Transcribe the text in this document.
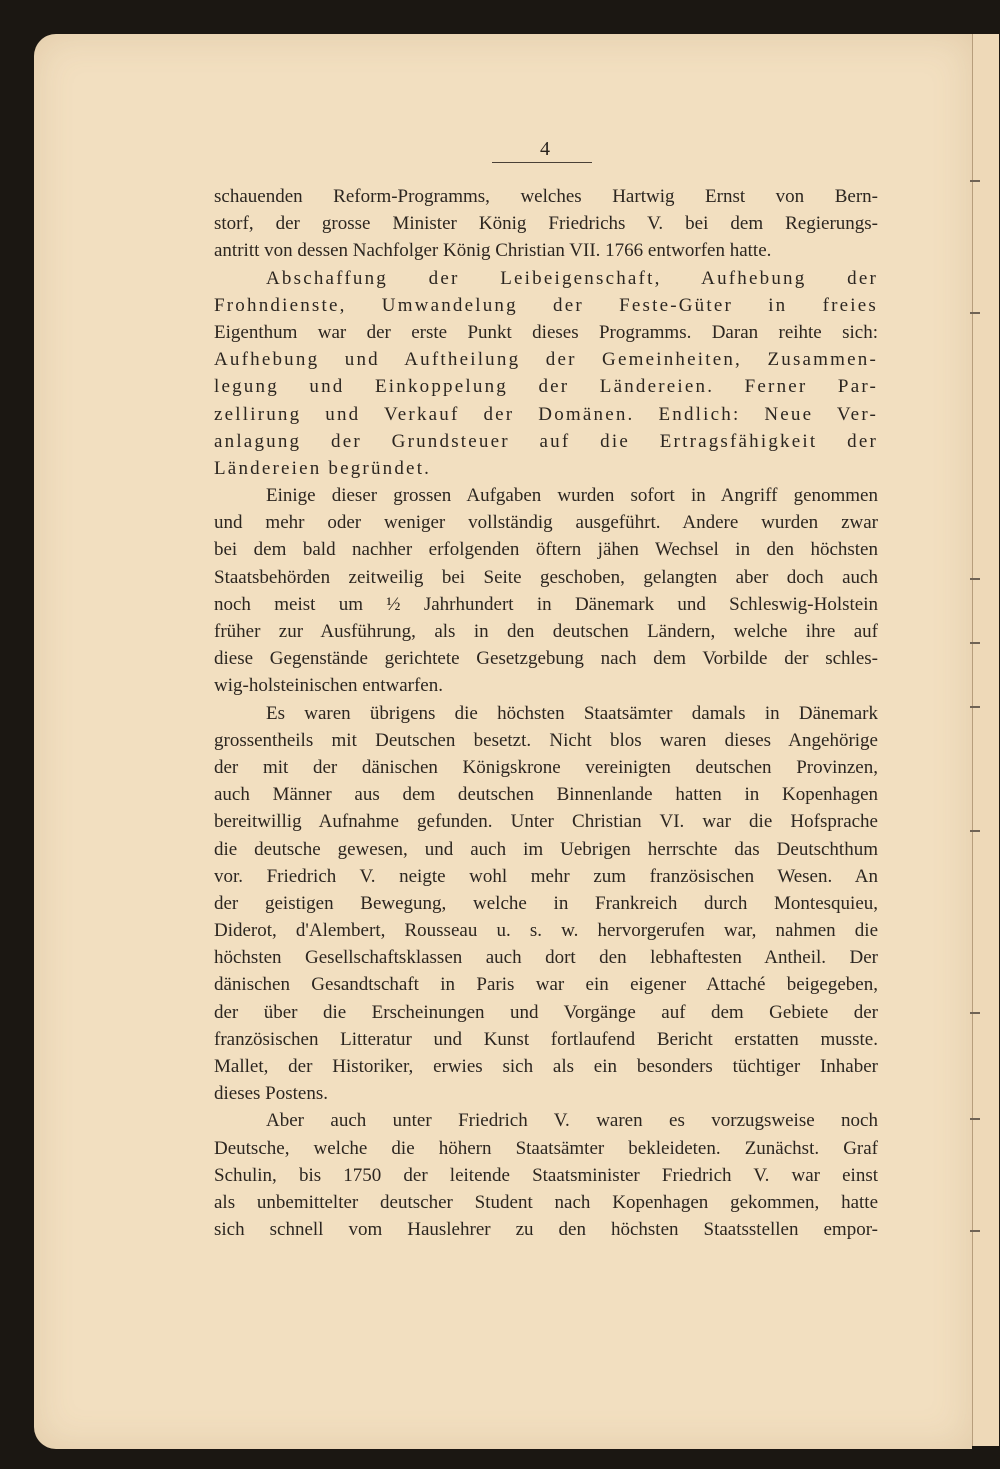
4
schauenden Reform-Programms, welches Hartwig Ernst von Bern-
storf, der grosse Minister König Friedrichs V. bei dem Regierungs-
antritt von dessen Nachfolger König Christian VII. 1766 entworfen hatte.
Abschaffung der Leibeigenschaft, Aufhebung der
Frohndienste, Umwandelung der Feste-Güter in freies
Eigenthum war der erste Punkt dieses Programms. Daran reihte sich:
Aufhebung und Auftheilung der Gemeinheiten, Zusammen-
legung und Einkoppelung der Ländereien. Ferner Par-
zellirung und Verkauf der Domänen. Endlich: Neue Ver-
anlagung der Grundsteuer auf die Ertragsfähigkeit der
Ländereien begründet.
Einige dieser grossen Aufgaben wurden sofort in Angriff genommen
und mehr oder weniger vollständig ausgeführt. Andere wurden zwar
bei dem bald nachher erfolgenden öftern jähen Wechsel in den höchsten
Staatsbehörden zeitweilig bei Seite geschoben, gelangten aber doch auch
noch meist um ½ Jahrhundert in Dänemark und Schleswig-Holstein
früher zur Ausführung, als in den deutschen Ländern, welche ihre auf
diese Gegenstände gerichtete Gesetzgebung nach dem Vorbilde der schles-
wig-holsteinischen entwarfen.
Es waren übrigens die höchsten Staatsämter damals in Dänemark
grossentheils mit Deutschen besetzt. Nicht blos waren dieses Angehörige
der mit der dänischen Königskrone vereinigten deutschen Provinzen,
auch Männer aus dem deutschen Binnenlande hatten in Kopenhagen
bereitwillig Aufnahme gefunden. Unter Christian VI. war die Hofsprache
die deutsche gewesen, und auch im Uebrigen herrschte das Deutschthum
vor. Friedrich V. neigte wohl mehr zum französischen Wesen. An
der geistigen Bewegung, welche in Frankreich durch Montesquieu,
Diderot, d'Alembert, Rousseau u. s. w. hervorgerufen war, nahmen die
höchsten Gesellschaftsklassen auch dort den lebhaftesten Antheil. Der
dänischen Gesandtschaft in Paris war ein eigener Attaché beigegeben,
der über die Erscheinungen und Vorgänge auf dem Gebiete der
französischen Litteratur und Kunst fortlaufend Bericht erstatten musste.
Mallet, der Historiker, erwies sich als ein besonders tüchtiger Inhaber
dieses Postens.
Aber auch unter Friedrich V. waren es vorzugsweise noch
Deutsche, welche die höhern Staatsämter bekleideten. Zunächst. Graf
Schulin, bis 1750 der leitende Staatsminister Friedrich V. war einst
als unbemittelter deutscher Student nach Kopenhagen gekommen, hatte
sich schnell vom Hauslehrer zu den höchsten Staatsstellen empor-
